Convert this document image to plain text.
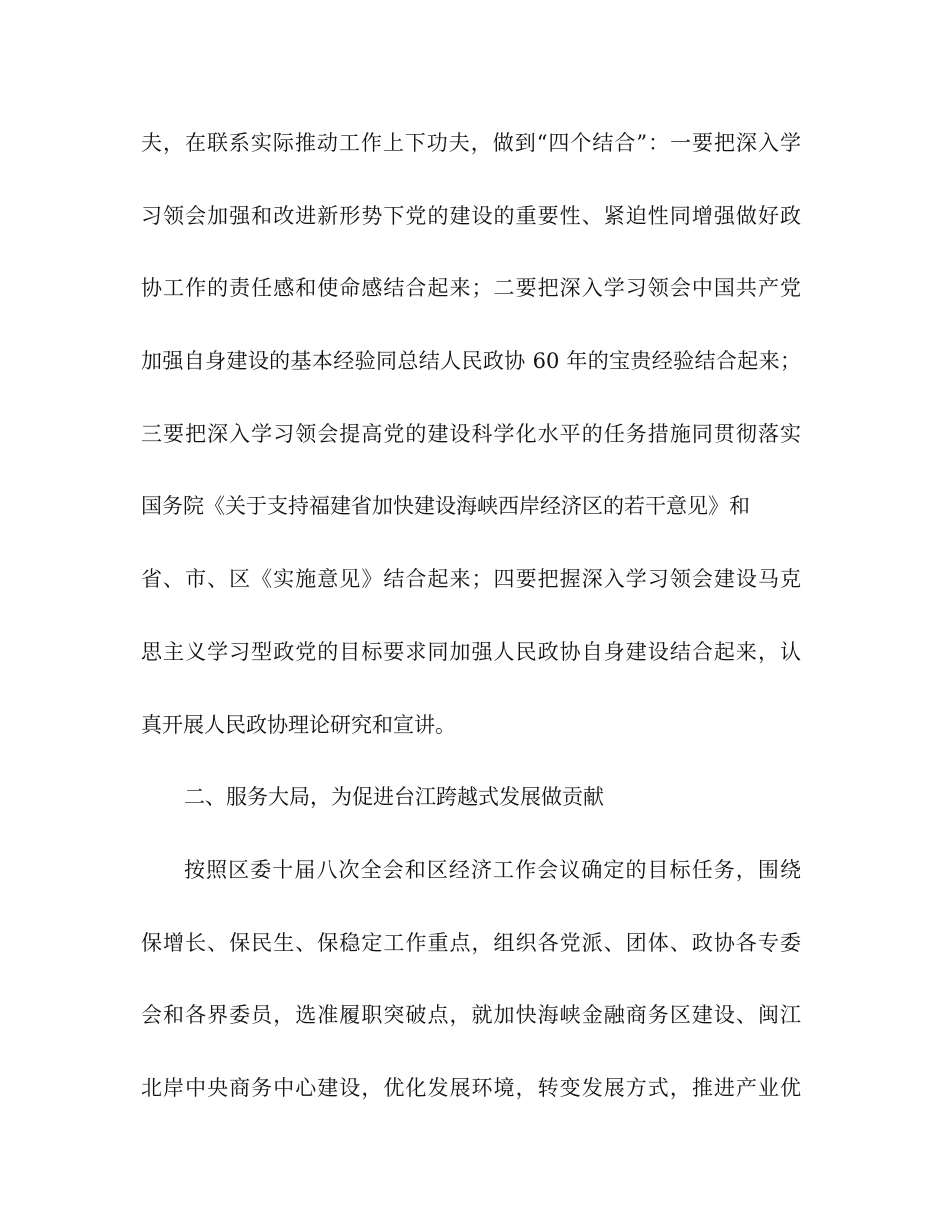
夫，在联系实际推动工作上下功夫，做到“四个结合”：一要把深入学
习领会加强和改进新形势下党的建设的重要性、紧迫性同增强做好政
协工作的责任感和使命感结合起来；二要把深入学习领会中国共产党
加强自身建设的基本经验同总结人民政协 60 年的宝贵经验结合起来；
三要把深入学习领会提高党的建设科学化水平的任务措施同贯彻落实
国务院《关于支持福建省加快建设海峡西岸经济区的若干意见》和
省、市、区《实施意见》结合起来；四要把握深入学习领会建设马克
思主义学习型政党的目标要求同加强人民政协自身建设结合起来，认
真开展人民政协理论研究和宣讲。
二、服务大局，为促进台江跨越式发展做贡献
按照区委十届八次全会和区经济工作会议确定的目标任务，围绕
保增长、保民生、保稳定工作重点，组织各党派、团体、政协各专委
会和各界委员，选准履职突破点，就加快海峡金融商务区建设、闽江
北岸中央商务中心建设，优化发展环境，转变发展方式，推进产业优
